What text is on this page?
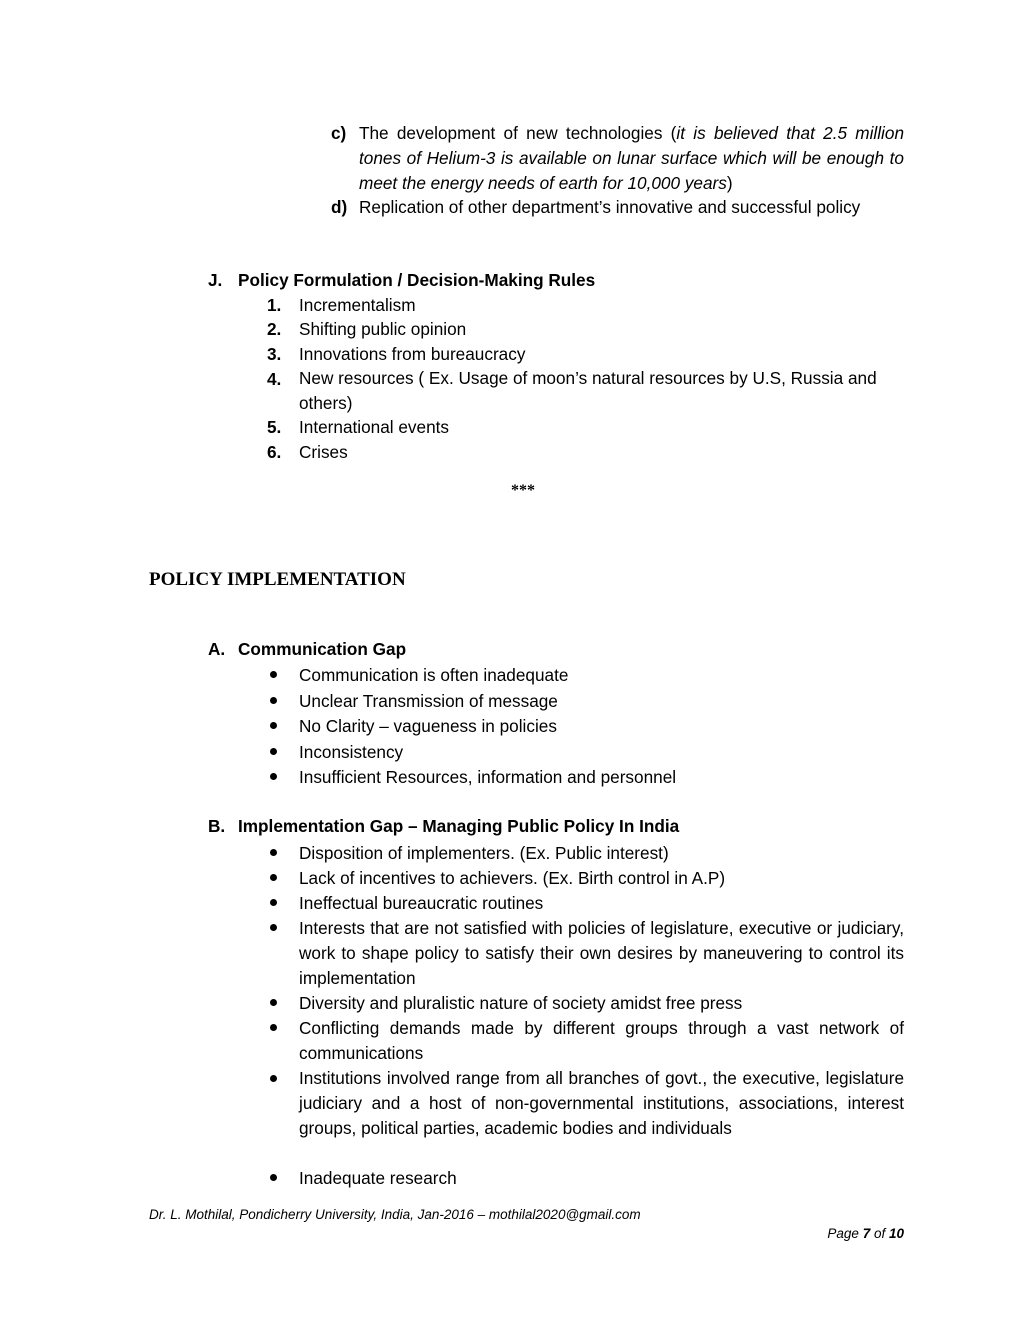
c) The development of new technologies (it is believed that 2.5 million tones of Helium-3 is available on lunar surface which will be enough to meet the energy needs of earth for 10,000 years)
d) Replication of other department’s innovative and successful policy
J. Policy Formulation / Decision-Making Rules
1. Incrementalism
2. Shifting public opinion
3. Innovations from bureaucracy
4. New resources ( Ex. Usage of moon’s natural resources by U.S, Russia and others)
5. International events
6. Crises
***
POLICY IMPLEMENTATION
A. Communication Gap
Communication is often inadequate
Unclear Transmission of message
No Clarity – vagueness in policies
Inconsistency
Insufficient Resources, information and personnel
B. Implementation Gap – Managing Public Policy In India
Disposition of implementers. (Ex. Public interest)
Lack of incentives to achievers. (Ex. Birth control in A.P)
Ineffectual bureaucratic routines
Interests that are not satisfied with policies of legislature, executive or judiciary, work to shape policy to satisfy their own desires by maneuvering to control its implementation
Diversity and pluralistic nature of society amidst free press
Conflicting demands made by different groups through a vast network of communications
Institutions involved range from all branches of govt., the executive, legislature judiciary and a host of non-governmental institutions, associations, interest groups, political parties, academic bodies and individuals
Inadequate research
Dr. L. Mothilal, Pondicherry University, India, Jan-2016 – mothilal2020@gmail.com
Page 7 of 10
